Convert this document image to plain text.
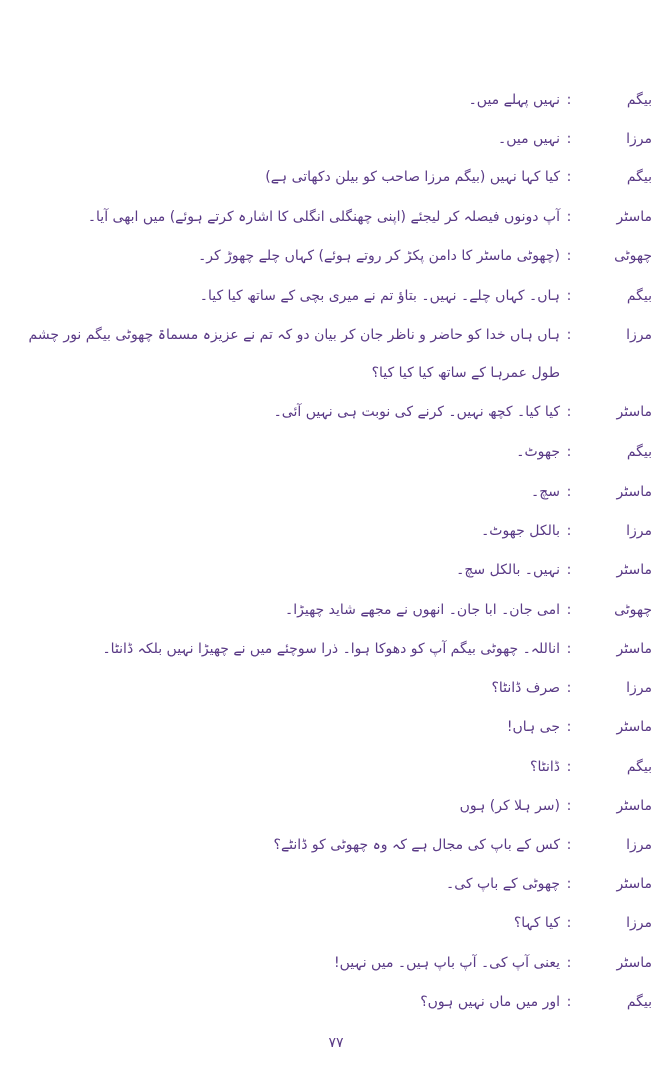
بیگم
:
نہیں پہلے میں۔
مرزا
:
نہیں میں۔
بیگم
:
کیا کہا نہیں (بیگم مرزا صاحب کو بیلن دکھاتی ہے)
ماسٹر
:
آپ دونوں فیصلہ کر لیجئے (اپنی چھنگلی انگلی کا اشارہ کرتے ہوئے) میں ابھی آیا۔
چھوٹی
:
(چھوٹی ماسٹر کا دامن پکڑ کر روتے ہوئے) کہاں چلے چھوڑ کر۔
بیگم
:
ہاں۔ کہاں چلے۔ نہیں۔ بتاؤ تم نے میری بچی کے ساتھ کیا کیا۔
مرزا
:
ہاں ہاں خدا کو حاضر و ناظر جان کر بیان دو کہ تم نے عزیزہ مسماۃ چھوٹی بیگم نور چشم
طول عمرہا کے ساتھ کیا کیا کیا؟
ماسٹر
:
کیا کیا۔ کچھ نہیں۔ کرنے کی نوبت ہی نہیں آئی۔
بیگم
:
جھوٹ۔
ماسٹر
:
سچ۔
مرزا
:
بالکل جھوٹ۔
ماسٹر
:
نہیں۔ بالکل سچ۔
چھوٹی
:
امی جان۔ ابا جان۔ انھوں نے مجھے شاید چھیڑا۔
ماسٹر
:
اناللہ۔ چھوٹی بیگم آپ کو دھوکا ہوا۔ ذرا سوچئے میں نے چھیڑا نہیں بلکہ ڈانٹا۔
مرزا
:
صرف ڈانٹا؟
ماسٹر
:
جی ہاں!
بیگم
:
ڈانٹا؟
ماسٹر
:
(سر ہلا کر) ہوں
مرزا
:
کس کے باپ کی مجال ہے کہ وہ چھوٹی کو ڈانٹے؟
ماسٹر
:
چھوٹی کے باپ کی۔
مرزا
:
کیا کہا؟
ماسٹر
:
یعنی آپ کی۔ آپ باپ ہیں۔ میں نہیں!
بیگم
:
اور میں ماں نہیں ہوں؟
۷۷
